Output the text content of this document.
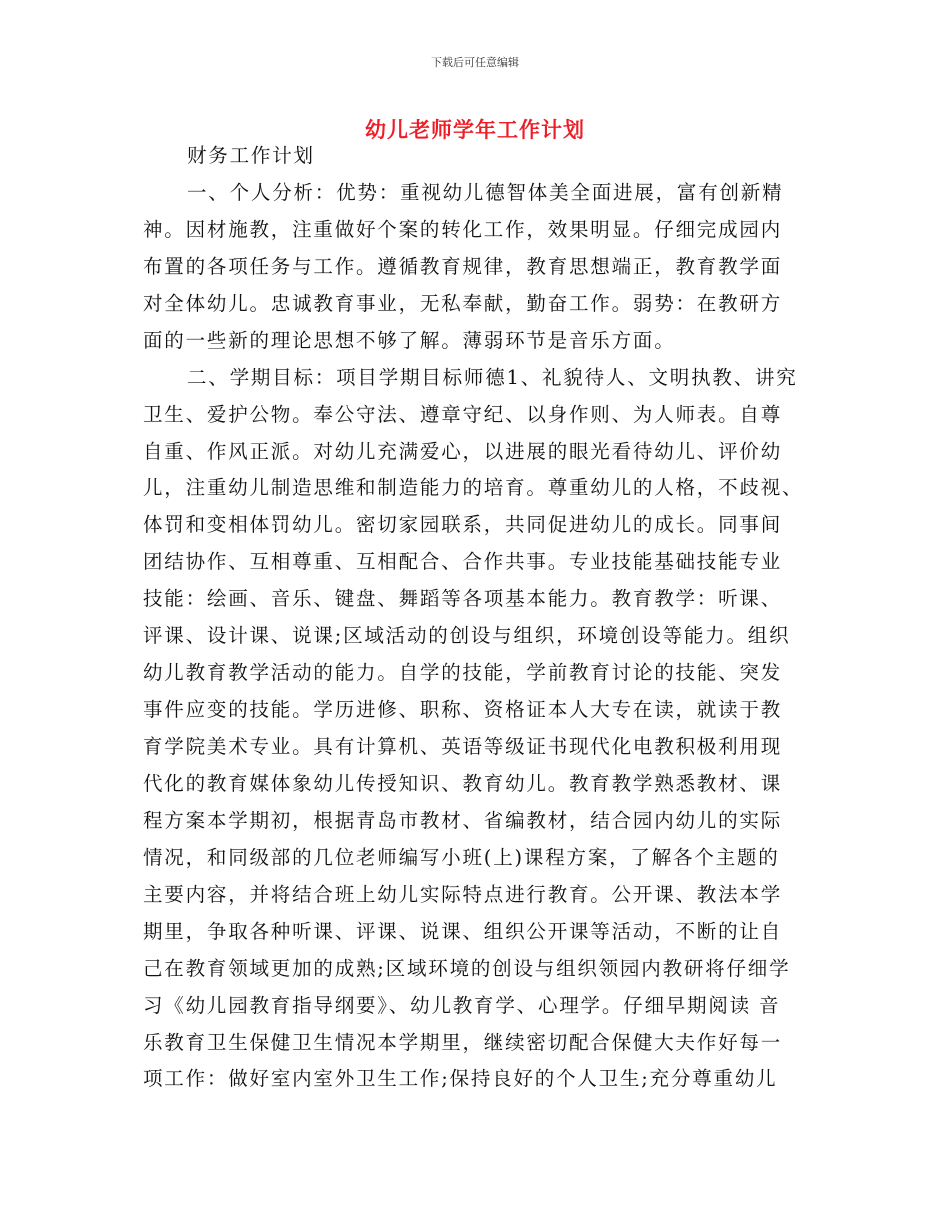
下载后可任意编辑
幼儿老师学年工作计划
财务工作计划
一、个人分析：优势：重视幼儿德智体美全面进展，富有创新精
神。因材施教，注重做好个案的转化工作，效果明显。仔细完成园内
布置的各项任务与工作。遵循教育规律，教育思想端正，教育教学面
对全体幼儿。忠诚教育事业，无私奉献，勤奋工作。弱势：在教研方
面的一些新的理论思想不够了解。薄弱环节是音乐方面。
二、学期目标：项目学期目标师德1、礼貌待人、文明执教、讲究
卫生、爱护公物。奉公守法、遵章守纪、以身作则、为人师表。自尊
自重、作风正派。对幼儿充满爱心，以进展的眼光看待幼儿、评价幼
儿，注重幼儿制造思维和制造能力的培育。尊重幼儿的人格，不歧视、
体罚和变相体罚幼儿。密切家园联系，共同促进幼儿的成长。同事间
团结协作、互相尊重、互相配合、合作共事。专业技能基础技能专业
技能：绘画、音乐、键盘、舞蹈等各项基本能力。教育教学：听课、
评课、设计课、说课;区域活动的创设与组织，环境创设等能力。组织
幼儿教育教学活动的能力。自学的技能，学前教育讨论的技能、突发
事件应变的技能。学历进修、职称、资格证本人大专在读，就读于教
育学院美术专业。具有计算机、英语等级证书现代化电教积极利用现
代化的教育媒体象幼儿传授知识、教育幼儿。教育教学熟悉教材、课
程方案本学期初，根据青岛市教材、省编教材，结合园内幼儿的实际
情况，和同级部的几位老师编写小班(上)课程方案，了解各个主题的
主要内容，并将结合班上幼儿实际特点进行教育。公开课、教法本学
期里，争取各种听课、评课、说课、组织公开课等活动，不断的让自
己在教育领域更加的成熟;区域环境的创设与组织领园内教研将仔细学
习《幼儿园教育指导纲要》、幼儿教育学、心理学。仔细早期阅读 音
乐教育卫生保健卫生情况本学期里，继续密切配合保健大夫作好每一
项工作：做好室内室外卫生工作;保持良好的个人卫生;充分尊重幼儿
